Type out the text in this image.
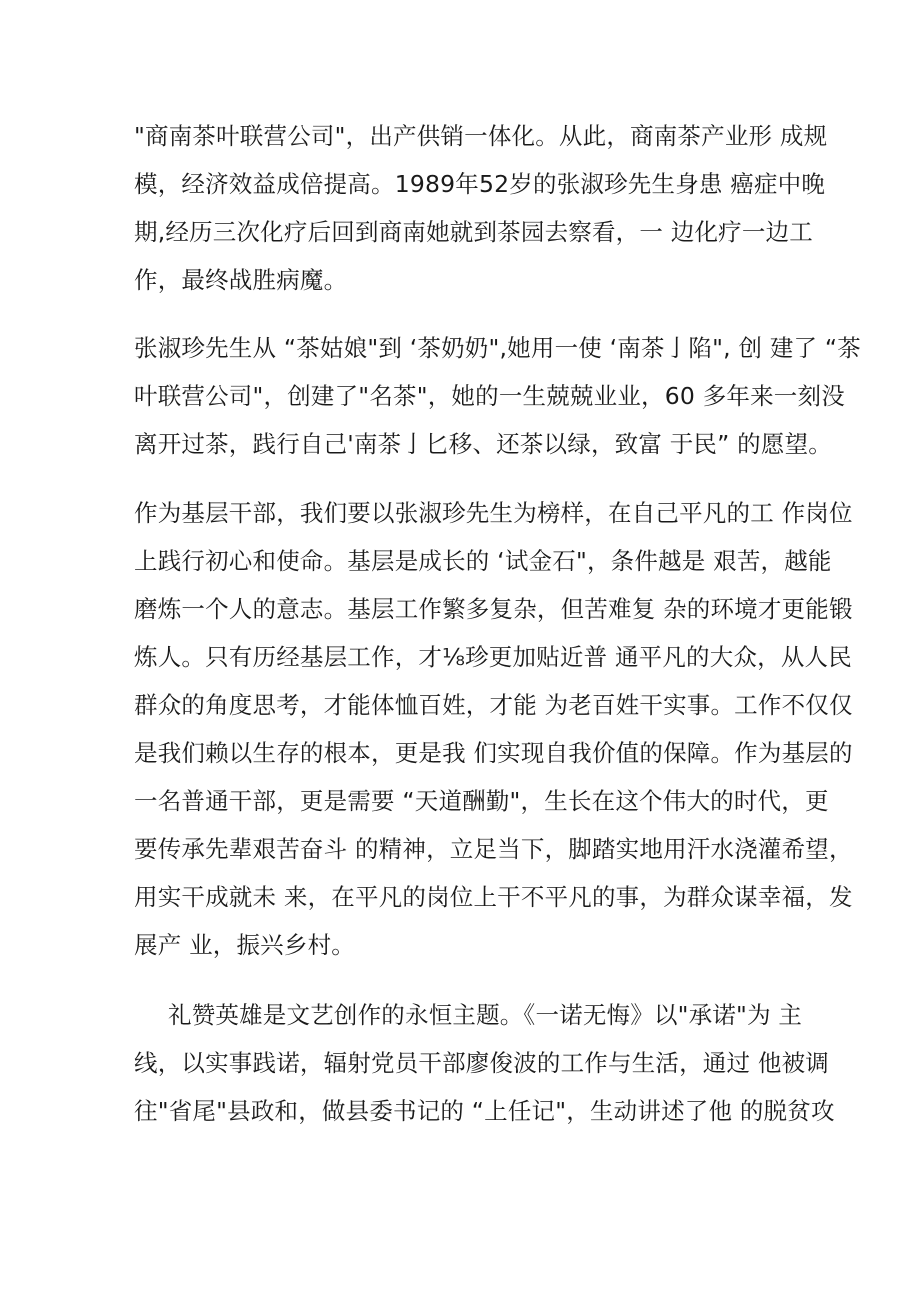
"商南茶叶联营公司"，出产供销一体化。从此，商南茶产业形 成规
模，经济效益成倍提高。1989年52岁的张淑珍先生身患 癌症中晚
期,经历三次化疗后回到商南她就到茶园去察看，一 边化疗一边工
作，最终战胜病魔。
张淑珍先生从 “茶姑娘"到 ‘茶奶奶",她用一使 ‘南茶亅陷", 创 建了 “茶
叶联营公司"，创建了"名茶"，她的一生兢兢业业，60 多年来一刻没
离开过茶，践行自己'南茶亅匕移、还茶以绿，致富 于民” 的愿望。
作为基层干部，我们要以张淑珍先生为榜样，在自己平凡的工 作岗位
上践行初心和使命。基层是成长的 ‘试金石"，条件越是 艰苦，越能
磨炼一个人的意志。基层工作繁多复杂，但苦难复 杂的环境才更能锻
炼人。只有历经基层工作，才⅛珍更加贴近普 通平凡的大众，从人民
群众的角度思考，才能体恤百姓，才能 为老百姓干实事。工作不仅仅
是我们赖以生存的根本，更是我 们实现自我价值的保障。作为基层的
一名普通干部，更是需要 “天道酬勤"，生长在这个伟大的时代，更
要传承先辈艰苦奋斗 的精神，立足当下，脚踏实地用汗水浇灌希望，
用实干成就未 来，在平凡的岗位上干不平凡的事，为群众谋幸福，发
展产 业，振兴乡村。
礼赞英雄是文艺创作的永恒主题。《一诺无悔》以"承诺"为 主
线，以实事践诺，辐射党员干部廖俊波的工作与生活，通过 他被调
往"省尾"县政和，做县委书记的 “上任记"，生动讲述了他 的脱贫攻
